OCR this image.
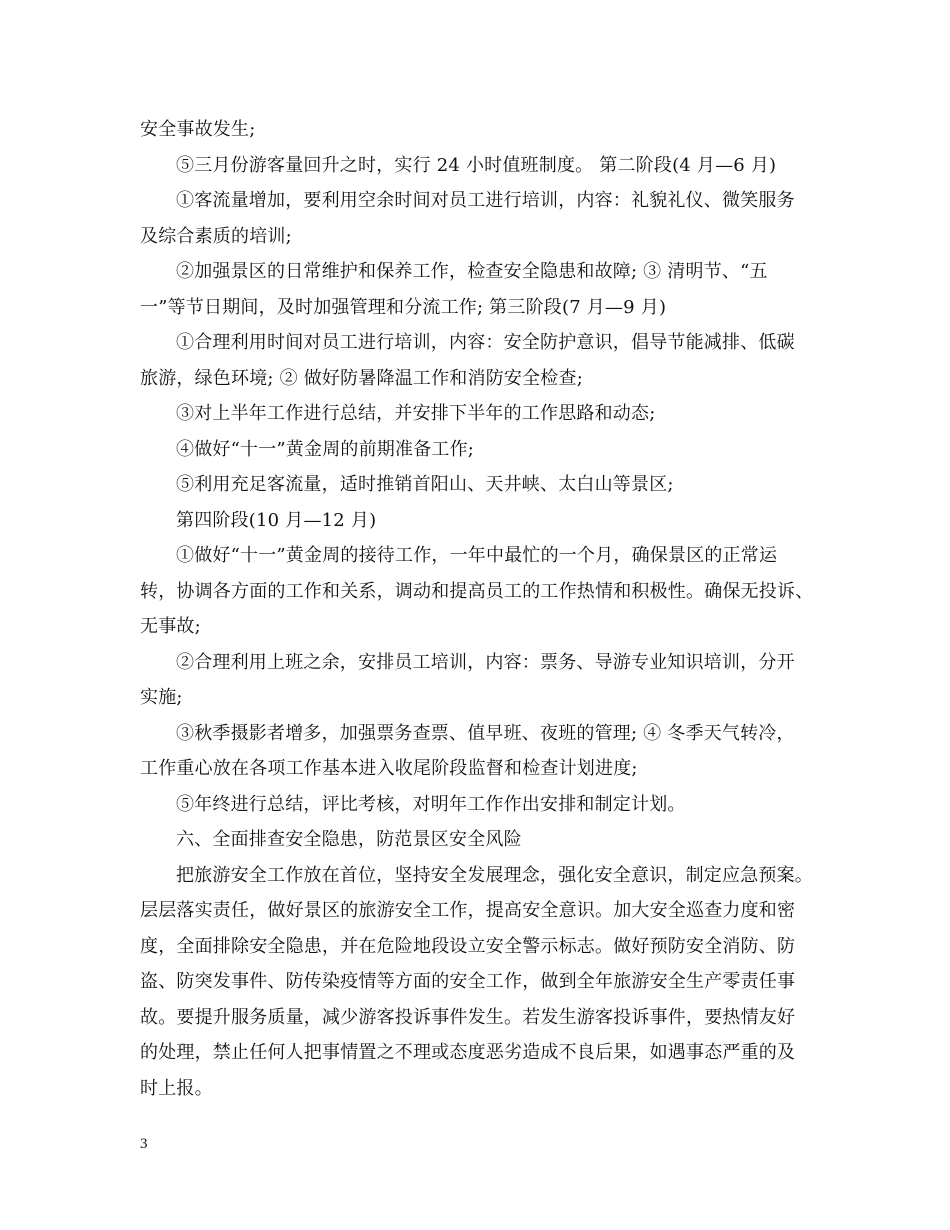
安全事故发生;
⑤三月份游客量回升之时，实行 24 小时值班制度。 第二阶段(4 月—6 月)
①客流量增加，要利用空余时间对员工进行培训，内容：礼貌礼仪、微笑服务
及综合素质的培训;
②加强景区的日常维护和保养工作，检查安全隐患和故障; ③ 清明节、“五
一”等节日期间，及时加强管理和分流工作; 第三阶段(7 月—9 月)
①合理利用时间对员工进行培训，内容：安全防护意识，倡导节能减排、低碳
旅游，绿色环境; ② 做好防暑降温工作和消防安全检查;
③对上半年工作进行总结，并安排下半年的工作思路和动态;
④做好“十一”黄金周的前期准备工作;
⑤利用充足客流量，适时推销首阳山、天井峡、太白山等景区;
第四阶段(10 月—12 月)
①做好“十一”黄金周的接待工作，一年中最忙的一个月，确保景区的正常运
转，协调各方面的工作和关系，调动和提高员工的工作热情和积极性。确保无投诉、
无事故;
②合理利用上班之余，安排员工培训，内容：票务、导游专业知识培训，分开
实施;
③秋季摄影者增多，加强票务查票、值早班、夜班的管理; ④ 冬季天气转冷，
工作重心放在各项工作基本进入收尾阶段监督和检查计划进度;
⑤年终进行总结，评比考核，对明年工作作出安排和制定计划。
六、全面排查安全隐患，防范景区安全风险
把旅游安全工作放在首位，坚持安全发展理念，强化安全意识，制定应急预案。
层层落实责任，做好景区的旅游安全工作，提高安全意识。加大安全巡查力度和密
度，全面排除安全隐患，并在危险地段设立安全警示标志。做好预防安全消防、防
盗、防突发事件、防传染疫情等方面的安全工作，做到全年旅游安全生产零责任事
故。要提升服务质量，减少游客投诉事件发生。若发生游客投诉事件，要热情友好
的处理，禁止任何人把事情置之不理或态度恶劣造成不良后果，如遇事态严重的及
时上报。
3
